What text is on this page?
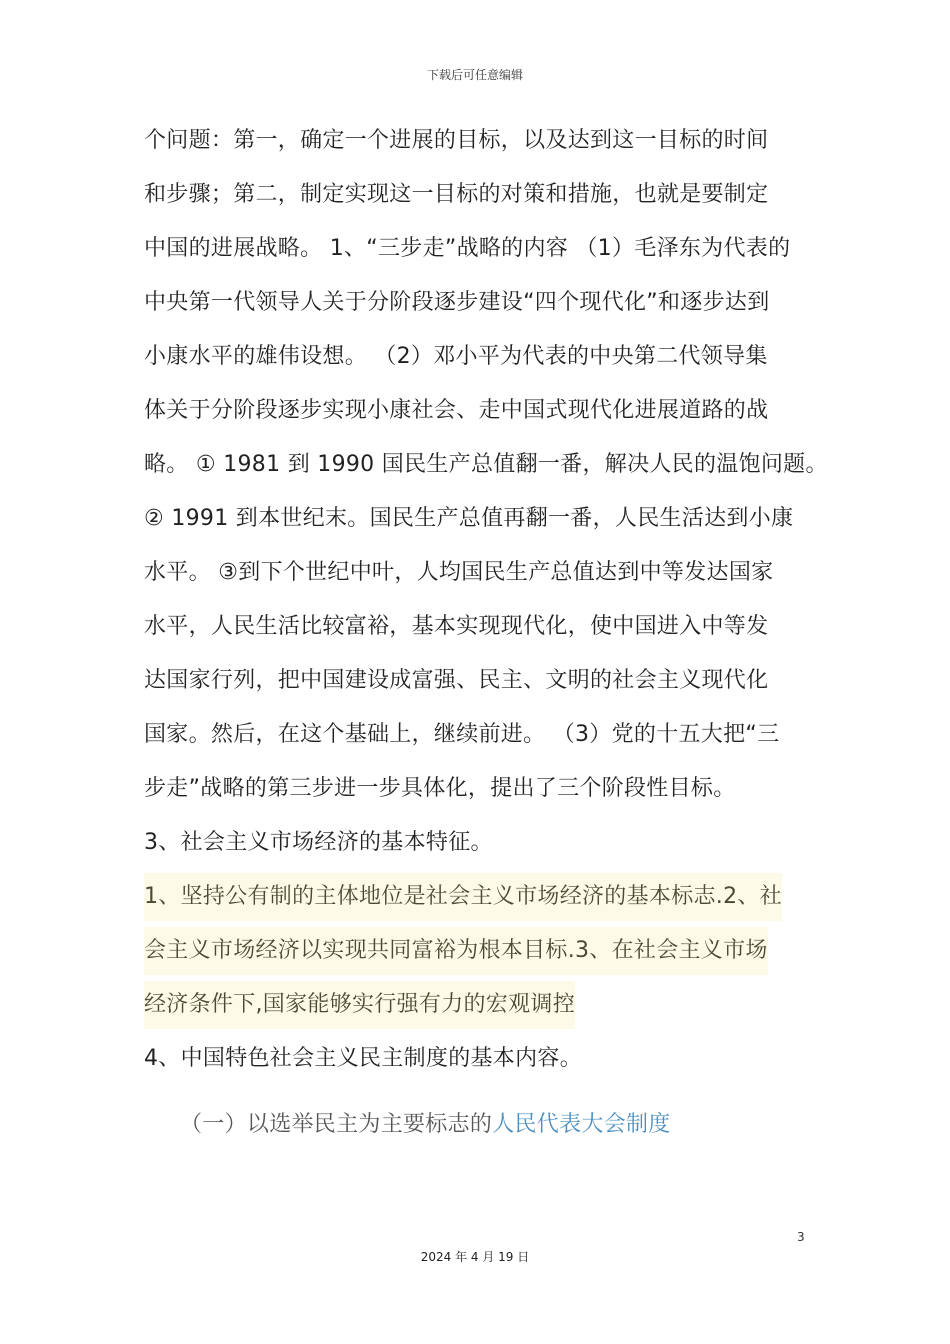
下载后可任意编辑
个问题：第一，确定一个进展的目标，以及达到这一目标的时间
和步骤；第二，制定实现这一目标的对策和措施，也就是要制定
中国的进展战略。 1、“三步走”战略的内容 （1）毛泽东为代表的
中央第一代领导人关于分阶段逐步建设“四个现代化”和逐步达到
小康水平的雄伟设想。 （2）邓小平为代表的中央第二代领导集
体关于分阶段逐步实现小康社会、走中国式现代化进展道路的战
略。 ① 1981 到 1990 国民生产总值翻一番，解决人民的温饱问题。
② 1991 到本世纪末。国民生产总值再翻一番，人民生活达到小康
水平。 ③到下个世纪中叶，人均国民生产总值达到中等发达国家
水平，人民生活比较富裕，基本实现现代化，使中国进入中等发
达国家行列，把中国建设成富强、民主、文明的社会主义现代化
国家。然后，在这个基础上，继续前进。 （3）党的十五大把“三
步走”战略的第三步进一步具体化，提出了三个阶段性目标。
3、社会主义市场经济的基本特征。
1、坚持公有制的主体地位是社会主义市场经济的基本标志.2、社
会主义市场经济以实现共同富裕为根本目标.3、在社会主义市场
经济条件下,国家能够实行强有力的宏观调控
4、中国特色社会主义民主制度的基本内容。
（一）以选举民主为主要标志的人民代表大会制度
3
2024 年 4 月 19 日
